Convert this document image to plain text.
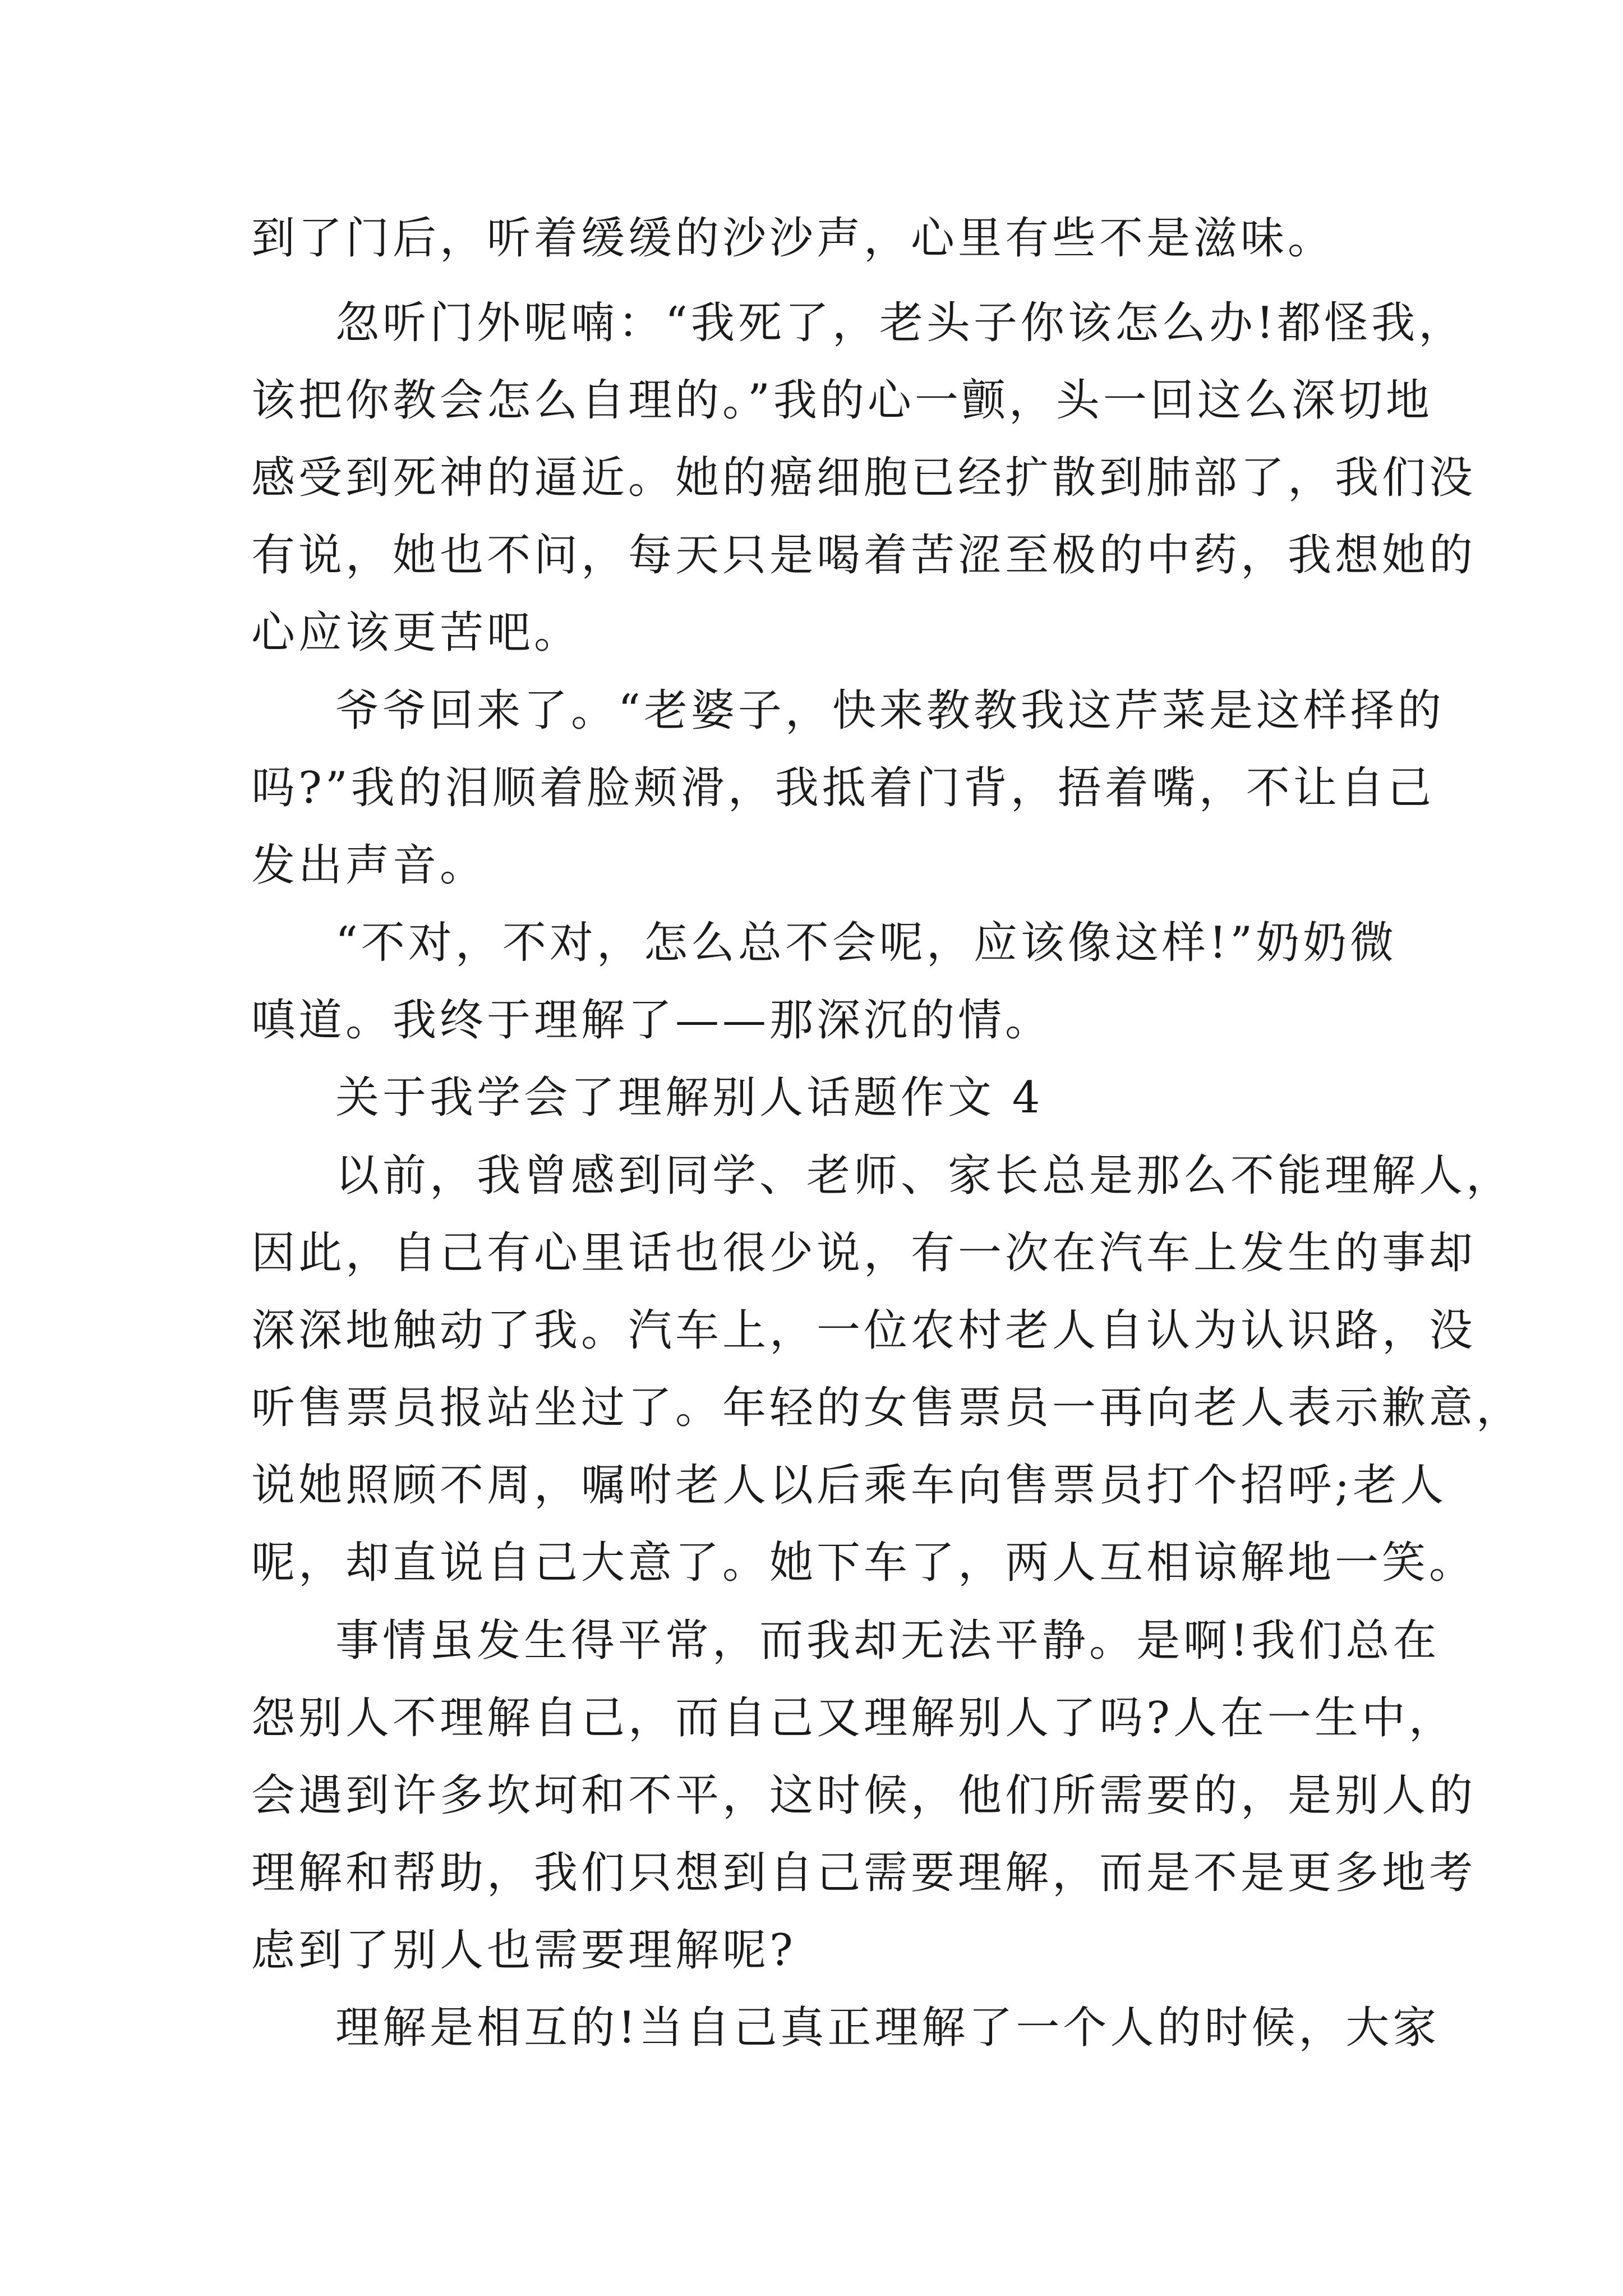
到了门后，听着缓缓的沙沙声，心里有些不是滋味。
忽听门外呢喃：“我死了，老头子你该怎么办!都怪我，
该把你教会怎么自理的。”我的心一颤，头一回这么深切地
感受到死神的逼近。她的癌细胞已经扩散到肺部了，我们没
有说，她也不问，每天只是喝着苦涩至极的中药，我想她的
心应该更苦吧。
爷爷回来了。“老婆子，快来教教我这芹菜是这样择的
吗?”我的泪顺着脸颊滑，我抵着门背，捂着嘴，不让自己
发出声音。
“不对，不对，怎么总不会呢，应该像这样!”奶奶微
嗔道。我终于理解了——那深沉的情。
关于我学会了理解别人话题作文 4
以前，我曾感到同学、老师、家长总是那么不能理解人，
因此，自己有心里话也很少说，有一次在汽车上发生的事却
深深地触动了我。汽车上，一位农村老人自认为认识路，没
听售票员报站坐过了。年轻的女售票员一再向老人表示歉意，
说她照顾不周，嘱咐老人以后乘车向售票员打个招呼;老人
呢，却直说自己大意了。她下车了，两人互相谅解地一笑。
事情虽发生得平常，而我却无法平静。是啊!我们总在
怨别人不理解自己，而自己又理解别人了吗?人在一生中，
会遇到许多坎坷和不平，这时候，他们所需要的，是别人的
理解和帮助，我们只想到自己需要理解，而是不是更多地考
虑到了别人也需要理解呢?
理解是相互的!当自己真正理解了一个人的时候，大家
